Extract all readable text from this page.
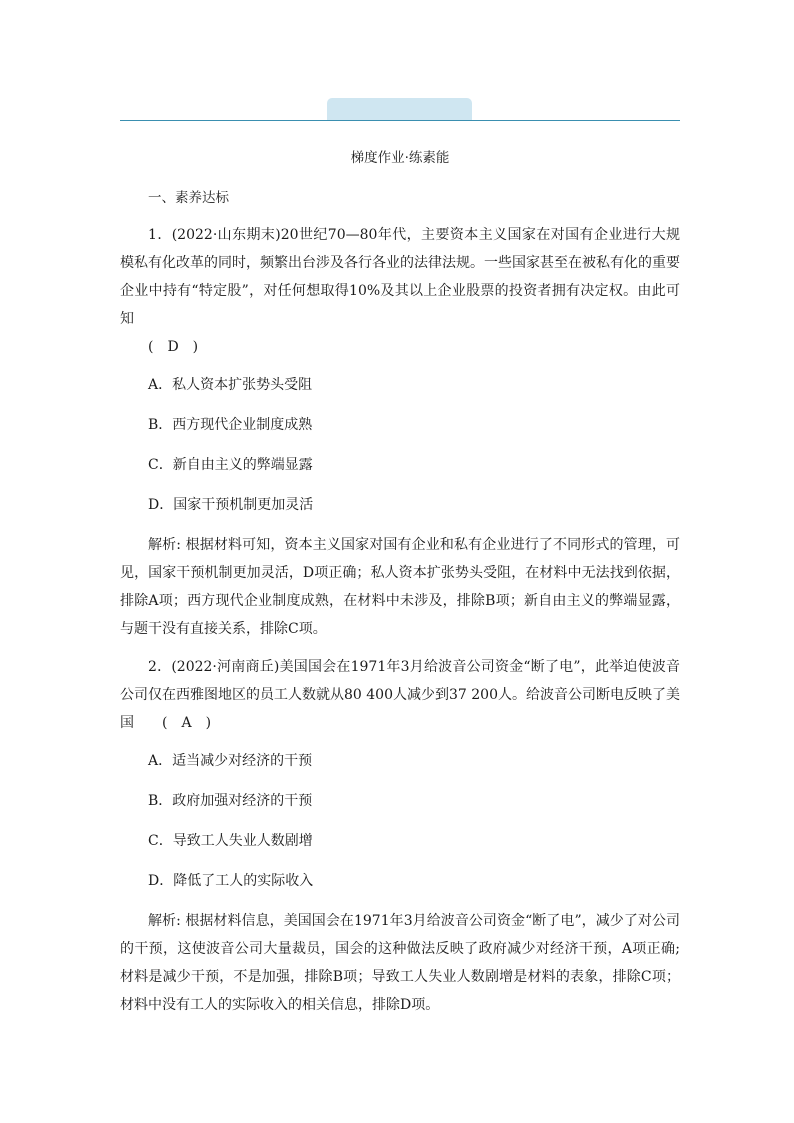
梯度作业·练素能
一、素养达标

1．(2022·山东期末)20世纪70—80年代，主要资本主义国家在对国有企业进行大规模私有化改革的同时，频繁出台涉及各行各业的法律法规。一些国家甚至在被私有化的重要企业中持有“特定股”，对任何想取得10%及其以上企业股票的投资者拥有决定权。由此可知
(　D　)

A．私人资本扩张势头受阻
B．西方现代企业制度成熟
C．新自由主义的弊端显露
D．国家干预机制更加灵活

解析: 根据材料可知，资本主义国家对国有企业和私有企业进行了不同形式的管理，可见，国家干预机制更加灵活，D项正确；私人资本扩张势头受阻，在材料中无法找到依据，排除A项；西方现代企业制度成熟，在材料中未涉及，排除B项；新自由主义的弊端显露，与题干没有直接关系，排除C项。

2．(2022·河南商丘)美国国会在1971年3月给波音公司资金“断了电”，此举迫使波音公司仅在西雅图地区的员工人数就从80 400人减少到37 200人。给波音公司断电反映了美国 (　A　)

A．适当减少对经济的干预
B．政府加强对经济的干预
C．导致工人失业人数剧增
D．降低了工人的实际收入

解析: 根据材料信息，美国国会在1971年3月给波音公司资金“断了电”，减少了对公司的干预，这使波音公司大量裁员，国会的这种做法反映了政府减少对经济干预，A项正确;材料是减少干预，不是加强，排除B项；导致工人失业人数剧增是材料的表象，排除C项；材料中没有工人的实际收入的相关信息，排除D项。
